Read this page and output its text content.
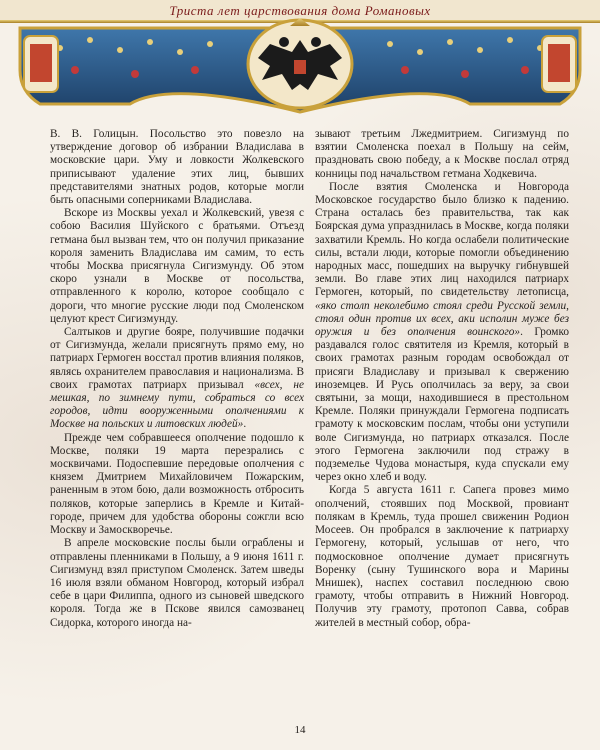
Триста лет царствования дома Романовых

В. В. Голицын. Посольство это повезло на утверждение договор об избрании Владислава в московские цари. Уму и ловкости Жолкевского приписывают удаление этих лиц, бывших представителями знатных родов, которые могли быть опасными соперниками Владислава.

Вскоре из Москвы уехал и Жолкевский, увезя с собою Василия Шуйского с братьями. Отъезд гетмана был вызван тем, что он получил приказание короля заменить Владислава им самим, то есть чтобы Москва присягнула Сигизмунду. Об этом скоро узнали в Москве от посольства, отправленного к королю, которое сообщало с дороги, что многие русские люди под Смоленском целуют крест Сигизмунду.

Салтыков и другие бояре, получившие подачки от Сигизмунда, желали присягнуть прямо ему, но патриарх Гермоген восстал против влияния поляков, являсь охранителем православия и национализма. В своих грамотах патриарх призывал «всех, не мешкая, по зимнему пути, собраться со всех городов, идти вооруженными ополчениями к Москве на польских и литовских людей».

Прежде чем собравшееся ополчение подошло к Москве, поляки 19 марта перезрались с москвичами. Подоспевшие передовые ополчения с князем Дмитрием Михайловичем Пожарским, раненным в этом бою, дали возможность отбросить поляков, которые заперлись в Кремле и Китай-городе, причем для удобства обороны сожгли всю Москву и Замоскворечье.

В апреле московские послы были ограблены и отправлены пленниками в Польшу, а 9 июня 1611 г. Сигизмунд взял приступом Смоленск. Затем шведы 16 июля взяли обманом Новгород, который избрал себе в цари Филиппа, одного из сыновей шведского короля. Тогда же в Пскове явился самозванец Сидорка, которого иногда на-

зывают третьим Лжедмитрием. Сигизмунд по взятии Смоленска поехал в Польшу на сейм, праздновать свою победу, а к Москве послал отряд конницы под начальством гетмана Ходкевича.

После взятия Смоленска и Новгорода Московское государство было близко к падению. Страна осталась без правительства, так как Боярская дума упразднилась в Москве, когда поляки захватили Кремль. Но когда ослабели политические силы, встали люди, которые помогли объединению народных масс, пошедших на выручку гибнувшей земли. Во главе этих лиц находился патриарх Гермоген, который, по свидетельству летописца, «яко столп неколебимо стоял среди Русской земли, стоял один против их всех, аки исполин муже без оружия и без ополчения воинского». Громко раздавался голос святителя из Кремля, который в своих грамотах разным городам освобождал от присяги Владиславу и призывал к свержению иноземцев. И Русь ополчилась за веру, за свои святыни, за мощи, находившиеся в престольном Кремле. Поляки принуждали Гермогена подписать грамоту к московским послам, чтобы они уступили воле Сигизмунда, но патриарх отказался. После этого Гермогена заключили под стражу в подземелье Чудова монастыря, куда спускали ему через окно хлеб и воду.

Когда 5 августа 1611 г. Сапега провез мимо ополчений, стоявших под Москвой, провиант полякам в Кремль, туда прошел свиженин Родион Мосеев. Он пробрался в заключение к патриарху Гермогену, который, услышав от него, что подмосковное ополчение думает присягнуть Воренку (сыну Тушинского вора и Марины Мнишек), наспех составил последнюю свою грамоту, чтобы отправить в Нижний Новгород. Получив эту грамоту, протопоп Савва, собрав жителей в местный собор, обра-

14
